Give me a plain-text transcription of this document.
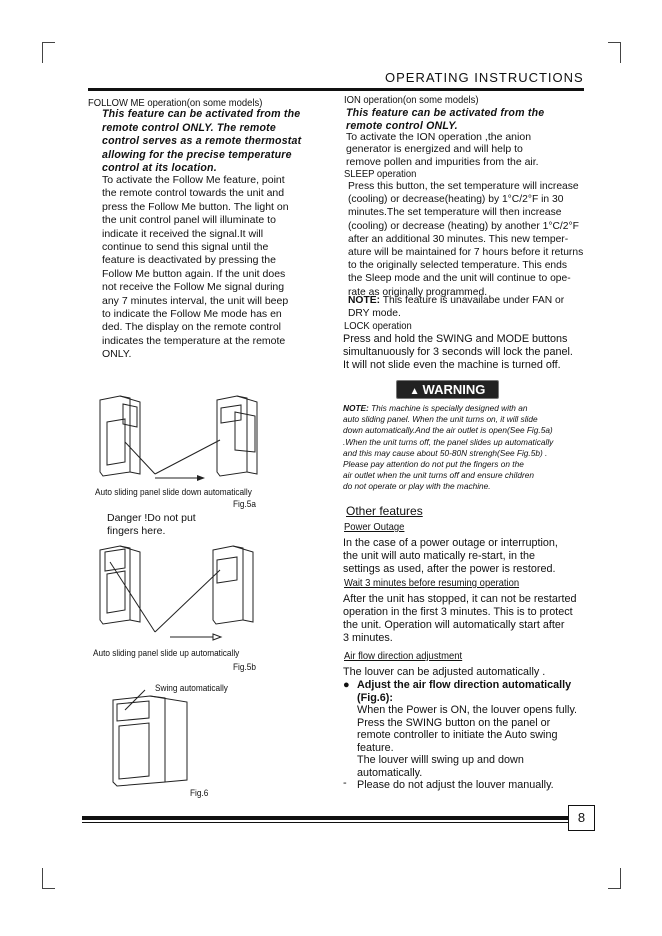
OPERATING INSTRUCTIONS
FOLLOW ME operation(on some models)
This feature can be activated from the
remote control ONLY. The remote
control serves as a remote thermostat
allowing for the precise temperature
control at its location.
To activate the Follow Me feature, point
the remote control towards the unit and
press the Follow Me button. The light on
the unit control panel will illuminate to
indicate it received the signal.It will
continue to send this signal until the
feature is deactivated by pressing the
Follow Me button again. If the unit does
not receive the Follow Me signal during
any 7 minutes interval, the unit will beep
to indicate the Follow Me mode has en
ded. The display on the remote control
indicates the temperature at the remote
ONLY.
Auto sliding panel slide down automatically
Fig.5a
Danger !Do not put
fingers here.
Auto sliding panel slide up automatically
Fig.5b
Swing automatically
Fig.6
ION operation(on some models)
This feature can be activated from the
remote control ONLY.
To activate the ION operation ,the anion
generator is energized and will help to
remove pollen and impurities from the air.
SLEEP operation
Press this button, the set temperature will increase
(cooling) or decrease(heating) by 1°C/2°F in 30
minutes.The set temperature will then increase
(cooling) or decrease (heating) by another 1°C/2°F
after an additional 30 minutes. This new temper-
ature will be maintained for 7 hours before it returns
to the originally selected temperature. This ends
the Sleep mode and the unit will continue to ope-
rate as originally programmed.
NOTE: This feature is unavailabe under FAN or
DRY mode.
LOCK operation
Press and hold the SWING and MODE buttons
simultanuously for 3 seconds will lock the panel.
It will not slide even the machine is turned off.
▲ WARNING
NOTE: This machine is specially designed with an
auto sliding panel. When the unit turns on, it will slide
down automatically.And the air outlet is open(See Fig.5a)
.When the unit turns off, the panel slides up automatically
and this may cause about 50-80N strengh(See Fig.5b) .
Please pay attention do not put the fingers on the
air outlet when the unit turns off and ensure children
do not operate or play with the machine.
Other features
Power Outage
In the case of a power outage or interruption,
the unit will auto matically re-start, in the
settings as used, after the power is restored.
Wait 3 minutes before resuming operation
After the unit has stopped, it can not be restarted
operation in the first 3 minutes. This is to protect
the unit. Operation will automatically start after
3 minutes.
Air flow direction adjustment
The louver can be adjusted automatically .
● Adjust the air flow direction automatically
(Fig.6):
When the Power is ON, the louver opens fully.
Press the SWING button on the panel or
remote controller to initiate the Auto swing
feature.
The louver willl swing up and down
automatically.
- Please do not adjust the louver manually.
8
